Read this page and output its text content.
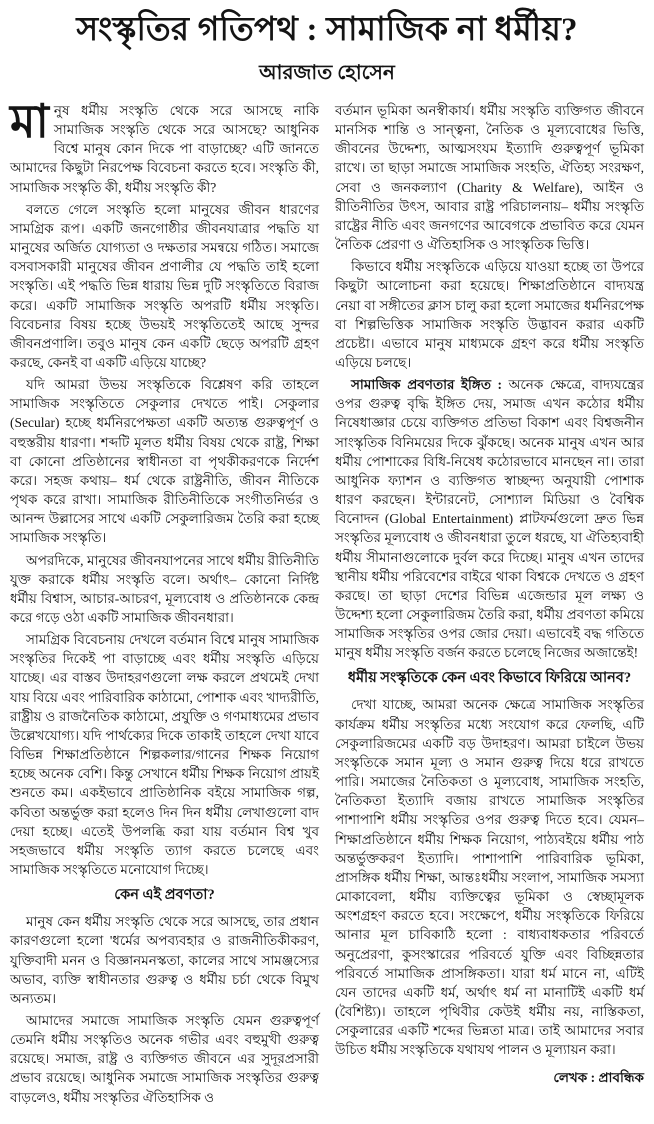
সংস্কৃতির গতিপথ : সামাজিক না ধর্মীয়?
আরজাত হোসেন

মানুষ ধর্মীয় সংস্কৃতি থেকে সরে আসছে নাকি সামাজিক সংস্কৃতি থেকে সরে আসছে? আধুনিক বিশ্বে মানুষ কোন দিকে পা বাড়াচ্ছে? এটি জানতে আমাদের কিছুটা নিরপেক্ষ বিবেচনা করতে হবে। সংস্কৃতি কী, সামাজিক সংস্কৃতি কী, ধর্মীয় সংস্কৃতি কী?

বলতে গেলে সংস্কৃতি হলো মানুষের জীবন ধারণের সামগ্রিক রূপ। একটি জনগোষ্ঠীর জীবনযাত্রার পদ্ধতি যা মানুষের অর্জিত যোগ্যতা ও দক্ষতার সমন্বয়ে গঠিত। সমাজে বসবাসকারী মানুষের জীবন প্রণালীর যে পদ্ধতি তাই হলো সংস্কৃতি। এই পদ্ধতি ভিন্ন ধারায় ভিন্ন দুটি সংস্কৃতিতে বিরাজ করে। একটি সামাজিক সংস্কৃতি অপরটি ধর্মীয় সংস্কৃতি। বিবেচনার বিষয় হচ্ছে উভয়ই সংস্কৃতিতেই আছে সুন্দর জীবনপ্রণালি। তবুও মানুষ কেন একটি ছেড়ে অপরটি গ্রহণ করছে, কেনই বা একটি এড়িয়ে যাচ্ছে?

যদি আমরা উভয় সংস্কৃতিকে বিশ্লেষণ করি তাহলে সামাজিক সংস্কৃতিতে সেকুলার দেখতে পাই। সেকুলার (Secular) হচ্ছে ধর্মনিরপেক্ষতা একটি অত্যন্ত গুরুত্বপূর্ণ ও বহুস্তরীয় ধারণা। শব্দটি মূলত ধর্মীয় বিষয় থেকে রাষ্ট্র, শিক্ষা বা কোনো প্রতিষ্ঠানের স্বাধীনতা বা পৃথকীকরণকে নির্দেশ করে। সহজ কথায়– ধর্ম থেকে রাষ্ট্রনীতি, জীবন নীতিকে পৃথক করে রাখা। সামাজিক রীতিনীতিকে সংগীতনির্ভর ও আনন্দ উল্লাসের সাথে একটি সেকুলারিজম তৈরি করা হচ্ছে সামাজিক সংস্কৃতি।

অপরদিকে, মানুষের জীবনযাপনের সাথে ধর্মীয় রীতিনীতি যুক্ত করাকে ধর্মীয় সংস্কৃতি বলে। অর্থাৎ– কোনো নির্দিষ্ট ধর্মীয় বিশ্বাস, আচার-আচরণ, মূল্যবোধ ও প্রতিষ্ঠানকে কেন্দ্র করে গড়ে ওঠা একটি সামাজিক জীবনধারা।

সামগ্রিক বিবেচনায় দেখলে বর্তমান বিশ্বে মানুষ সামাজিক সংস্কৃতির দিকেই পা বাড়াচ্ছে এবং ধর্মীয় সংস্কৃতি এড়িয়ে যাচ্ছে। এর বাস্তব উদাহরণগুলো লক্ষ করলে প্রথমেই দেখা যায় বিয়ে এবং পারিবারিক কাঠামো, পোশাক এবং খাদ্যরীতি, রাষ্ট্রীয় ও রাজনৈতিক কাঠামো, প্রযুক্তি ও গণমাধ্যমের প্রভাব উল্লেখযোগ্য। যদি পার্থক্যের দিকে তাকাই তাহলে দেখা যাবে বিভিন্ন শিক্ষাপ্রতিষ্ঠানে শিল্পকলার/গানের শিক্ষক নিয়োগ হচ্ছে অনেক বেশি। কিন্তু সেখানে ধর্মীয় শিক্ষক নিয়োগ প্রায়ই শুনতে কম। একইভাবে প্রাতিষ্ঠানিক বইয়ে সামাজিক গল্প, কবিতা অন্তর্ভুক্ত করা হলেও দিন দিন ধর্মীয় লেখাগুলো বাদ দেয়া হচ্ছে। এতেই উপলব্ধি করা যায় বর্তমান বিশ্ব খুব সহজভাবে ধর্মীয় সংস্কৃতি ত্যাগ করতে চলেছে এবং সামাজিক সংস্কৃতিতে মনোযোগ দিচ্ছে।

কেন এই প্রবণতা?

মানুষ কেন ধর্মীয় সংস্কৃতি থেকে সরে আসছে, তার প্রধান কারণগুলো হলো 'ধর্মের অপব্যবহার ও রাজনীতিকীকরণ, যুক্তিবাদী মনন ও বিজ্ঞানমনস্কতা, কালের সাথে সামঞ্জস্যের অভাব, ব্যক্তি স্বাধীনতার গুরুত্ব ও ধর্মীয় চর্চা থেকে বিমুখ অন্যতম।

আমাদের সমাজে সামাজিক সংস্কৃতি যেমন গুরুত্বপূর্ণ তেমনি ধর্মীয় সংস্কৃতিও অনেক গভীর এবং বহুমুখী গুরুত্ব রয়েছে। সমাজ, রাষ্ট্র ও ব্যক্তিগত জীবনে এর সুদূরপ্রসারী প্রভাব রয়েছে। আধুনিক সমাজে সামাজিক সংস্কৃতির গুরুত্ব বাড়লেও, ধর্মীয় সংস্কৃতির ঐতিহাসিক ও

বর্তমান ভূমিকা অনস্বীকার্য। ধর্মীয় সংস্কৃতি ব্যক্তিগত জীবনে মানসিক শান্তি ও সান্ত্বনা, নৈতিক ও মূল্যবোধের ভিত্তি, জীবনের উদ্দেশ্য, আত্মসংযম ইত্যাদি গুরুত্বপূর্ণ ভূমিকা রাখে। তা ছাড়া সমাজে সামাজিক সংহতি, ঐতিহ্য সংরক্ষণ, সেবা ও জনকল্যাণ (Charity & Welfare), আইন ও রীতিনীতির উৎস, আবার রাষ্ট্র পরিচালনায়– ধর্মীয় সংস্কৃতি রাষ্ট্রের নীতি এবং জনগণের আবেগকে প্রভাবিত করে যেমন নৈতিক প্রেরণা ও ঐতিহাসিক ও সাংস্কৃতিক ভিত্তি।

কিভাবে ধর্মীয় সংস্কৃতিকে এড়িয়ে যাওয়া হচ্ছে তা উপরে কিছুটা আলোচনা করা হয়েছে। শিক্ষাপ্রতিষ্ঠানে বাদ্যযন্ত্র নেয়া বা সঙ্গীতের ক্লাস চালু করা হলো সমাজের ধর্মনিরপেক্ষ বা শিল্পভিত্তিক সামাজিক সংস্কৃতি উদ্ভাবন করার একটি প্রচেষ্টা। এভাবে মানুষ মাধ্যমকে গ্রহণ করে ধর্মীয় সংস্কৃতি এড়িয়ে চলছে।

সামাজিক প্রবণতার ইঙ্গিত : অনেক ক্ষেত্রে, বাদ্যযন্ত্রের ওপর গুরুত্ব বৃদ্ধি ইঙ্গিত দেয়, সমাজ এখন কঠোর ধর্মীয় নিষেধাজ্ঞার চেয়ে ব্যক্তিগত প্রতিভা বিকাশ এবং বিশ্বজনীন সাংস্কৃতিক বিনিময়ের দিকে ঝুঁকছে। অনেক মানুষ এখন আর ধর্মীয় পোশাকের বিধি-নিষেধ কঠোরভাবে মানছেন না। তারা আধুনিক ফ্যাশন ও ব্যক্তিগত স্বাচ্ছন্দ্য অনুযায়ী পোশাক ধারণ করছেন। ইন্টারনেট, সোশ্যাল মিডিয়া ও বৈশ্বিক বিনোদন (Global Entertainment) প্লাটফর্মগুলো দ্রুত ভিন্ন সংস্কৃতির মূল্যবোধ ও জীবনধারা তুলে ধরছে, যা ঐতিহ্যবাহী ধর্মীয় সীমানাগুলোকে দুর্বল করে দিচ্ছে। মানুষ এখন তাদের স্থানীয় ধর্মীয় পরিবেশের বাইরে থাকা বিশ্বকে দেখতে ও গ্রহণ করছে। তা ছাড়া দেশের বিভিন্ন এজেন্ডার মূল লক্ষ্য ও উদ্দেশ্য হলো সেকুলারিজম তৈরি করা, ধর্মীয় প্রবণতা কমিয়ে সামাজিক সংস্কৃতির ওপর জোর দেয়া। এভাবেই বদ্ধ গতিতে মানুষ ধর্মীয় সংস্কৃতি বর্জন করতে চলেছে নিজের অজান্তেই!

ধর্মীয় সংস্কৃতিকে কেন এবং কিভাবে ফিরিয়ে আনব?

দেখা যাচ্ছে, আমরা অনেক ক্ষেত্রে সামাজিক সংস্কৃতির কার্যক্রম ধর্মীয় সংস্কৃতির মধ্যে সংযোগ করে ফেলছি, এটি সেকুলারিজমের একটি বড় উদাহরণ। আমরা চাইলে উভয় সংস্কৃতিকে সমান মূল্য ও সমান গুরুত্ব দিয়ে ধরে রাখতে পারি। সমাজের নৈতিকতা ও মূল্যবোধ, সামাজিক সংহতি, নৈতিকতা ইত্যাদি বজায় রাখতে সামাজিক সংস্কৃতির পাশাপাশি ধর্মীয় সংস্কৃতির ওপর গুরুত্ব দিতে হবে। যেমন– শিক্ষাপ্রতিষ্ঠানে ধর্মীয় শিক্ষক নিয়োগ, পাঠ্যবইয়ে ধর্মীয় পাঠ অন্তর্ভুক্তকরণ ইত্যাদি। পাশাপাশি পারিবারিক ভূমিকা, প্রাসঙ্গিক ধর্মীয় শিক্ষা, আন্তঃধর্মীয় সংলাপ, সামাজিক সমস্যা মোকাবেলা, ধর্মীয় ব্যক্তিত্বের ভূমিকা ও স্বেচ্ছামূলক অংশগ্রহণ করতে হবে। সংক্ষেপে, ধর্মীয় সংস্কৃতিকে ফিরিয়ে আনার মূল চাবিকাঠি হলো : বাধ্যবাধকতার পরিবর্তে অনুপ্রেরণা, কুসংস্কারের পরিবর্তে যুক্তি এবং বিচ্ছিন্নতার পরিবর্তে সামাজিক প্রাসঙ্গিকতা। যারা ধর্ম মানে না, এটিই যেন তাদের একটি ধর্ম, অর্থাৎ ধর্ম না মানাটিই একটি ধর্ম (বৈশিষ্ট্য)। তাহলে পৃথিবীর কেউই ধর্মীয় নয়, নাস্তিকতা, সেকুলারের একটি শব্দের ভিন্নতা মাত্র। তাই আমাদের সবার উচিত ধর্মীয় সংস্কৃতিকে যথাযথ পালন ও মূল্যায়ন করা।

লেখক : প্রাবন্ধিক
